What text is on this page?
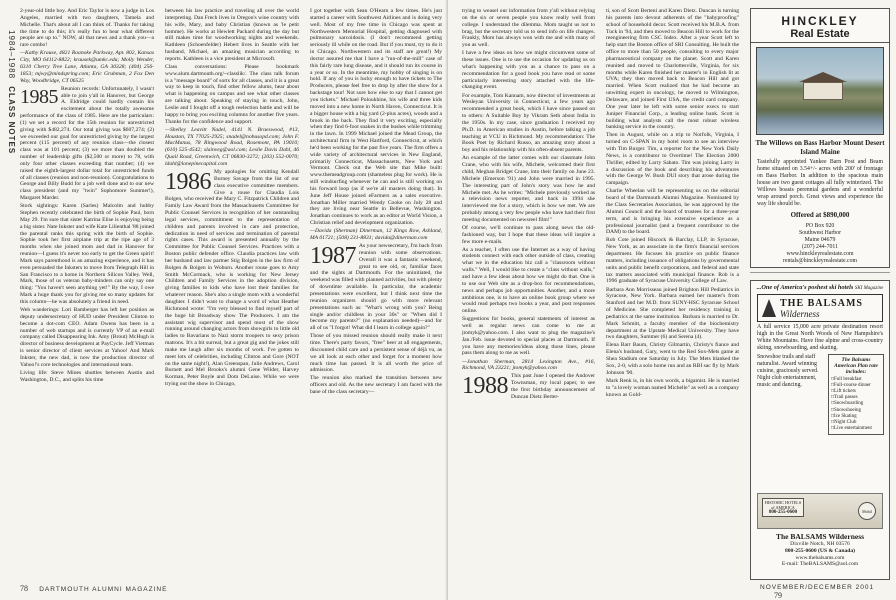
1984–1988 CLASS NOTES

2-year-old little boy. And Eric Taylor is now a judge in Los Angeles, married with two daughters, Tamela and Michelle. That's about all I can think of. Thanks for taking the time to do this; it's really fun to hear what different people are up to." NOW, all that news and a thank you—a rare combo!

—Kathy Krause, 4821 Roanoke Parkway, Apt. 802, Kansas City, MO 64112-8822; krausek@umkc.edu; Molly Wender, 6310 Cherry Tree Lane, Atlanta, GA 30328; (404) 256-1853; mjwy@mindspring.com; Eric Grubman, 2 Fox Den Way, Woodbridge, CT 06525

1985 Reunion records: Unfortunately, I wasn't able to join y'all in Hanover, but George A. Eldridge could hardly contain his excitement about the totally awesome performance of the class of 1985. Here are the particulars: (1) we set a record for the 15th reunion for unrestricted giving with $482,274. Our total giving was $607,274; (2) we exceeded our goal for unrestricted giving by the largest percent (115 percent) of any reunion class—the closest class was at 101 percent; (3) we more than doubled the number of leadership gifts ($2,500 or more) to 78, with only four other classes exceeding that number; (4) we raised the eighth-largest dollar total for unrestricted funds of all classes (reunion and non-reunion). Congratulations to George and Billy Budd for a job well done and to our new class president (and my "twin" Sophomore Summer!), Margaret Marder.

Stork sightings: Karen (Sarles) Malcolm and hubby Stephen recently celebrated the birth of Sophie Paul, born May 29. I'm sure that sister Katrina Elise is enjoying being a big sister. Nate Inkster and wife Kate Lilienthal '88 joined the parental ranks this spring with the birth of Sophie. Sophie took her first airplane trip at the ripe age of 3 months when she joined mom and dad in Hanover for reunion—I guess it's never too early to get the Green spirit! Mark says parenthood is an amazing experience, and it has even persuaded the Inksters to move from Telegraph Hill in San Francisco to a home in Northern Silicon Valley. Well, Mark, those of us veteran baby-minders can only say one thing: "You haven't seen anything yet!" By the way, I owe Mark a huge thank you for giving me so many updates for this column—he was absolutely a friend in need.

Web wanderings: Lori Bamberger has left her position as deputy undersecretary of HUD under President Clinton to become a dot-com CEO. Adam Owens has been in a number of web startups and is currently VP of an e-mail company called Disappearing Ink. Amy (Brout) McHugh is director of business development at PayCycle. Jeff Vietman is senior director of client services at Yahoo! And Mark Inkster, the new dad, is now the production director of Yahoo!'s core technologies and international team.

Living life: Steve Mines shuttles between Austin and Washington, D.C., and splits his time

between his law practice and traveling all over the world interpreting. Dan Frech lives in Oregon's wine country with his wife, Mary, and baby Christian (known as 'le petit homme). He works at Hewlett Packard during the day but still makes time for woodworking nights and weekends. Kathleen (Schoenfelder) Hebert lives in Seattle with her husband, Michael, an amazing musician according to reports. Kathleen is a vice president at Microsoft.

Class conversations: Please bookmark www.alum.dartmouth.org/~classlik/. The class talk forum is a "message board" of sorts for all classes, and it is a great way to keep in touch, find other fellow alums, hear about what is happening on campus and see what other classes are talking about. Speaking of staying in touch, John, Leslie and I fought off a tough reelection battle and will be happy to bring you exciting columns for another five years. Thanks for the confidence and support.

—Shelley Leavitt Nadel, 4141 N. Braeswood, #13, Houston, TX 77025-2925; snadel@nobusopd.com; John F. MacManus, 78 Ringwood Road, Rosemont, PA 19010; (610) 525-4542; slainveg@aol.com; Leslie Davis Dahl, 46 Quail Road, Greenwich, CT 06830-3272; (203) 552-0070; ldahl@lonepinecapital.com

1986 My apologies for omitting Kendall Burney Savage from the list of our class executive committee members. Give a rouse for Claudia Lois Bolgen, who received the Mary C. Fitzpatrick Children and Family Law Award from the Massachusetts Committee for Public Counsel Services in recognition of her outstanding legal services, commitment to the representation of children and parents involved in care and protection, dedication in need of services and termination of parental rights cases. This award is presented annually by the Committee for Public Counsel Services. Practices with a Boston public defender office. Claudia practices law with her husband and law partner Stig Bolgen in the law firm of Bolgen & Bolgen in Woburn. Another rouse goes to Amy Smith McCormack, who is working for New Jersey Children and Family Services in the adoption division, giving families to kids who have lost their families for whatever reason. She's also a single mom with a wonderful daughter. I didn't want to change a word of what Heather Richmond wrote: "I'm very blessed to find myself part of the huge hit Broadway show The Producers. I am the assistant wig supervisor and spend most of the show running around changing actors from showgirls to little old ladies to Bavarians to Nazi storm troopers to sexy prison matrons. It's a bit surreal, but a great gig and the jokes still make me laugh after six months of work. I've gotten to meet lots of celebrities, including Clinton and Gore (NOT on the same night!), Alan Greenspan, Julie Andrews, Carol Burnett and Mel Brooks's alumni Gene Wilder, Harvey Korman, Peter Boyle and Dom DeLuise. While we were trying out the show in Chicago,

I got together with Sean O'Hearn a few times. He's just started a career with Southwest Airlines and is doing very well. Most of my free time in Chicago was spent at Northwestern Memorial Hospital, getting diagnosed with pulmonary sarcoidosis. (I don't recommend getting seriously ill while on the road. But if you must, try to do it in Chicago. Northwestern and its staff are great!) My doctor assured me that I have a "run-of-the-mill" case of this fairly rare lung disease, and it should run its course in a year or so. In the meantime, my hobby of singing is on hold. If any of you is lucky enough to have tickets to The Producers, please feel free to drop by after the show for a backstage tour! Not sure how else to say that I cannot get you tickets." Michael Poloukhine, his wife and three kids moved into a new home in North Haven, Connecticut. It is a bigger house with a big yard (2-plus acres), woods and a brook in the back. They find it very exciting, especially when they find 6-foot snakes in the bushes while trimming in the lawn. In 1999 Michael joined the Mead Group, the architectural firm in West Hartford, Connecticut, at which he'd been working for the past five years. The firm offers a wide variety of architectural services in New England, primarily Connecticut, Massachusetts, New York and Vermont. Check out the Web site that Mike built: www.themeadgroup.com (shameless plug for work). He is still windsurfing whenever he can and is still working on his forward loop (as if we're all masters doing that). In June Jeff House joined eFarmers as a sales executive. Jonathan Miller married Wendy Cooke on July 28 and they are living near Seattle in Bellevue, Washington. Jonathan continues to work as an editor at World Vision, a Christian relief and development organization.

—Davida (Sherman) Dinerman, 12 Kings Row, Ashland, MA 01721; (508) 231-8831; davida@dinerman.com

1987 As your newsecretary, I'm back from reunion with some observations. Overall it was a fantastic weekend, great to see old, or, familiar faces and the sights at Dartmouth. For the uninitiated, the weekend was filled with planned activities, but with plenty of downtime available. In particular, the academic presentations were excellent, but I think next time the reunion organizers should go with more relevant presentations such as: "What's wrong with you? Being single and/or childless in your 30s" or "When did I become my parents?" (no explanation needed)—and for all of us "I forgot! What did I learn in college again?"

Those of you missed reunion should really make it next time. There's party favors, "free" beer at all engagements, discounted child care and a persistent sense of déjà vu, as we all look at each other and forget for a moment how much time has passed. It is all worth the price of admission.

The reunion also marked the transition between new officers and old. As the new secretary I am faced with the bane of the class secretary—

78 DARTMOUTH ALUMNI MAGAZINE

trying to weasel our information from y'all without relying on the six or seven people you know really well from college. I understand the dilemma. Mom taught us not to brag, but the secretary told us to send info on life changes. Frankly, Mom has always won with me and with many of you as well.

I have a few ideas on how we might circumvent some of these issues. One is to use the occasion for updating us on what's happening with you as a chance to pass on a recommendation for a good book you have read or some particularly interesting story attached with the life-changing event.

For example, Tom Kannam, now director of investments at Wesleyan University in Connecticut, a few years ago recommended a great book, which I have since passed on to others: A Suitable Boy by Vikram Seth about India in the 1950s. In my case, since graduation I received my Ph.D. in American studies in Austin, before talking a job teaching at VCU in Richmond. My recommendation: The Book Poet by Richard Russo, an amazing story about a boy and his relationship with his often-absent parents.

An example of the latter comes with our classmate John Crane, who with his wife, Michele, welcomed their first child, Meghan Bridget Crane, into their family on June 23. Michele (Emerson '91) and John were married in 1995. The interesting part of John's story was how he and Michele met. As he writes: "Michele previously worked as a television news reporter, and back in 1994 she interviewed me for a story, which is how we met. We are probably among a very few people who have had their first meeting documented on newsreel film!"

Of course, we'll continue to pass along news the old-fashioned way, but I hope that these ideas will inspire a few more e-mails.

As a teacher, I often use the Internet as a way of having students connect with each other outside of class, creating what we in the education biz call a "classroom without walls." Well, I would like to create a "class without walls," and have a few ideas about how we might do that. One is to use our Web site as a drop-box for recommendations, news and perhaps job opportunities. Another, and a more ambitious one, is to have an online book group where we would read perhaps two books a year, and post responses online.

Suggestions for books, general statements of interest as well as regular news can come to me at jtomyk@yahoo.com. I also want to plug the magazine's Jan./Feb. issue devoted to special places at Dartmouth. If you have any memories/ideas along those lines, please pass them along to me as well.

—Jonathan Sherman, 2814 Lexington Ave., #16, Richmond, VA 23221; jtomyk@yahoo.com

1988 This past June I opened the Andover Townsman, my local paper, to see the first birthday announcement of Duncan Dietz Berter-

ti, son of Scott Berteni and Karen Dietz. Duncan is turning his parents into devout adherents of the "babyproofing" school of household decor. Scott received his M.B.A. from Tuck in '94, and then moved to Beacon Hill to work for the reengineering firm CSC Index. After a year Scott left to help start the Boston office of SRI Consulting. He built the office to more than 50 people, consulting to every major pharmaceutical company on the planet. Scott and Karen reunited and moved to Charlottesville, Virginia, for six months while Karen finished her master's in English lit at UVA; they then moved back to Beacon Hill and got married. When Scott realized that he had become an unwitting expert in oncology, he moved to Wilmington, Delaware, and joined First USA, the credit card company. One year later he left with some senior execs to start Juniper Financial Corp., a leading online bank. Scott is building what analysts call the most robust wireless banking service in the country.

Then in August, while on a trip to Norfolk, Virginia, I turned on C-SPAN in my hotel room to see an interview with Tim Burger. Tim, a reporter for the New York Daily News, is a contributor to Overtime! The Election 2000 Thriller, edited by Larry Sabato. Tim was joining Larry in a discussion of the book and describing his adventures with the George W. Bush DUI story that arose during the campaign.

Charlie Wheelan will be representing us on the editorial board of the Dartmouth Alumni Magazine. Nominated by the Class Secretaries Association, he was approved by the Alumni Council and the board of trustees for a three-year term, and is bringing his extensive experience as a professional journalist (and a frequent contributor to the DAM) to the board.

Rob Cote joined Hiscock & Barclay, LLP, in Syracuse, New York, as an associate in the firm's financial services department. He focuses his practice on public finance matters, including issuance of obligations by governmental units and public benefit corporations, and federal and state tax matters associated with municipal finance. Rob is a 1996 graduate of Syracuse University College of Law.

Barbara Ann Morrisseau joined Brighton Hill Pediatrics in Syracuse, New York. Barbara earned her master's from Stanford and her M.D. from SUNY-HSC Syracuse School of Medicine. She completed her residency training in pediatrics at the same institution. Barbara is married to Dr. Mark Schmitt, a faculty member of the biochemistry department at the Upstate Medical University. They have two daughters, Summer (6) and Serena (4).

Elena Barr Baum, Christy Gilmartin, Christy's fiance and Elena's husband, Gary, went to the Red Sox-Mets game at Shea Stadium one Saturday in July. The Mets blanked the Sox, 2-0, with a solo home run and an RBI sac fly by Mark Johnson '90.

Mark Renk is, in his own words, a bigamist. He is married to "a lovely woman named Michelle" as well as a company known as Gold-

HINCKLEY
Real Estate
The Willows on Bass Harbor Mount Desert Island Maine
Tastefully appointed Yankee Barn Post and Beam home situated on 3.54+/- acres with 200' of frontage on Bass Harbor. In addition to the spacious main house are two guest cottages all fully winterized. The Willows boasts perennial gardens and a wonderful wrap around porch. Great views and experience the way life should be.
Offered at $890,000
PO Box 920
Southwest Harbor
Maine 04679
(207) 244-7011
www.hinckleyrealestate.com
rentals@hinckleyrealestate.com
...One of America's poshest ski hotels SKI Magazine
THE BALSAMS
Wilderness
A full service 15,000 acre private destination resort high in the Great North Woods of New Hampshire's White Mountains. Have fine alpine and cross-country skiing, snowboarding, and skating.
Snowshoe trails and staff naturalist. Award winning cuisine, graciously served. Night club entertainment, music and dancing.
The Balsams American Plan rate includes:
□ Full breakfast
□ Full-course dinner
□ Lift tickets
□ Trail passes
□ Snowboarding
□ Snowshoeing
□ Ice Skating
□ Night Club
□ Live entertainment
HISTORIC HOTELS of AMERICA
800-255-0600	Mobil
The BALSAMS Wilderness
Dixville Notch, NH 03576
800-255-0600 (US & Canada)
www.thebalsams.com
E-mail: TheBALSAMS@aol.com
NOVEMBER/DECEMBER 2001      79
